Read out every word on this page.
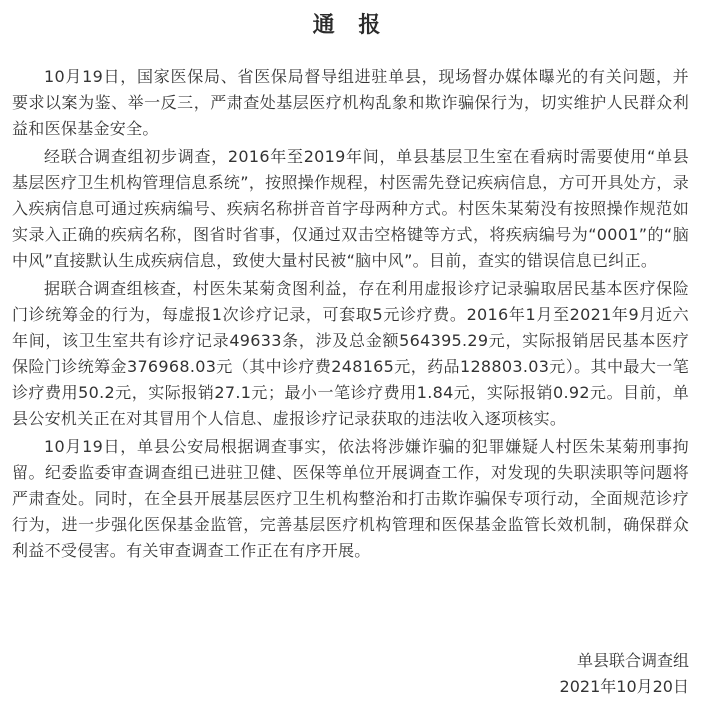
通 报

10月19日，国家医保局、省医保局督导组进驻单县，现场督办媒体曝光的有关问题，并要求以案为鉴、举一反三，严肃查处基层医疗机构乱象和欺诈骗保行为，切实维护人民群众利益和医保基金安全。

经联合调查组初步调查，2016年至2019年间，单县基层卫生室在看病时需要使用“单县基层医疗卫生机构管理信息系统”，按照操作规程，村医需先登记疾病信息，方可开具处方，录入疾病信息可通过疾病编号、疾病名称拼音首字母两种方式。村医朱某菊没有按照操作规范如实录入正确的疾病名称，图省时省事，仅通过双击空格键等方式，将疾病编号为“0001”的“脑中风”直接默认生成疾病信息，致使大量村民被“脑中风”。目前，查实的错误信息已纠正。

据联合调查组核查，村医朱某菊贪图利益，存在利用虚报诊疗记录骗取居民基本医疗保险门诊统筹金的行为，每虚报1次诊疗记录，可套取5元诊疗费。2016年1月至2021年9月近六年间，该卫生室共有诊疗记录49633条，涉及总金额564395.29元，实际报销居民基本医疗保险门诊统筹金376968.03元（其中诊疗费248165元，药品128803.03元）。其中最大一笔诊疗费用50.2元，实际报销27.1元；最小一笔诊疗费用1.84元，实际报销0.92元。目前，单县公安机关正在对其冒用个人信息、虚报诊疗记录获取的违法收入逐项核实。

10月19日，单县公安局根据调查事实，依法将涉嫌诈骗的犯罪嫌疑人村医朱某菊刑事拘留。纪委监委审查调查组已进驻卫健、医保等单位开展调查工作，对发现的失职渎职等问题将严肃查处。同时，在全县开展基层医疗卫生机构整治和打击欺诈骗保专项行动，全面规范诊疗行为，进一步强化医保基金监管，完善基层医疗机构管理和医保基金监管长效机制，确保群众利益不受侵害。有关审查调查工作正在有序开展。

单县联合调查组
2021年10月20日
